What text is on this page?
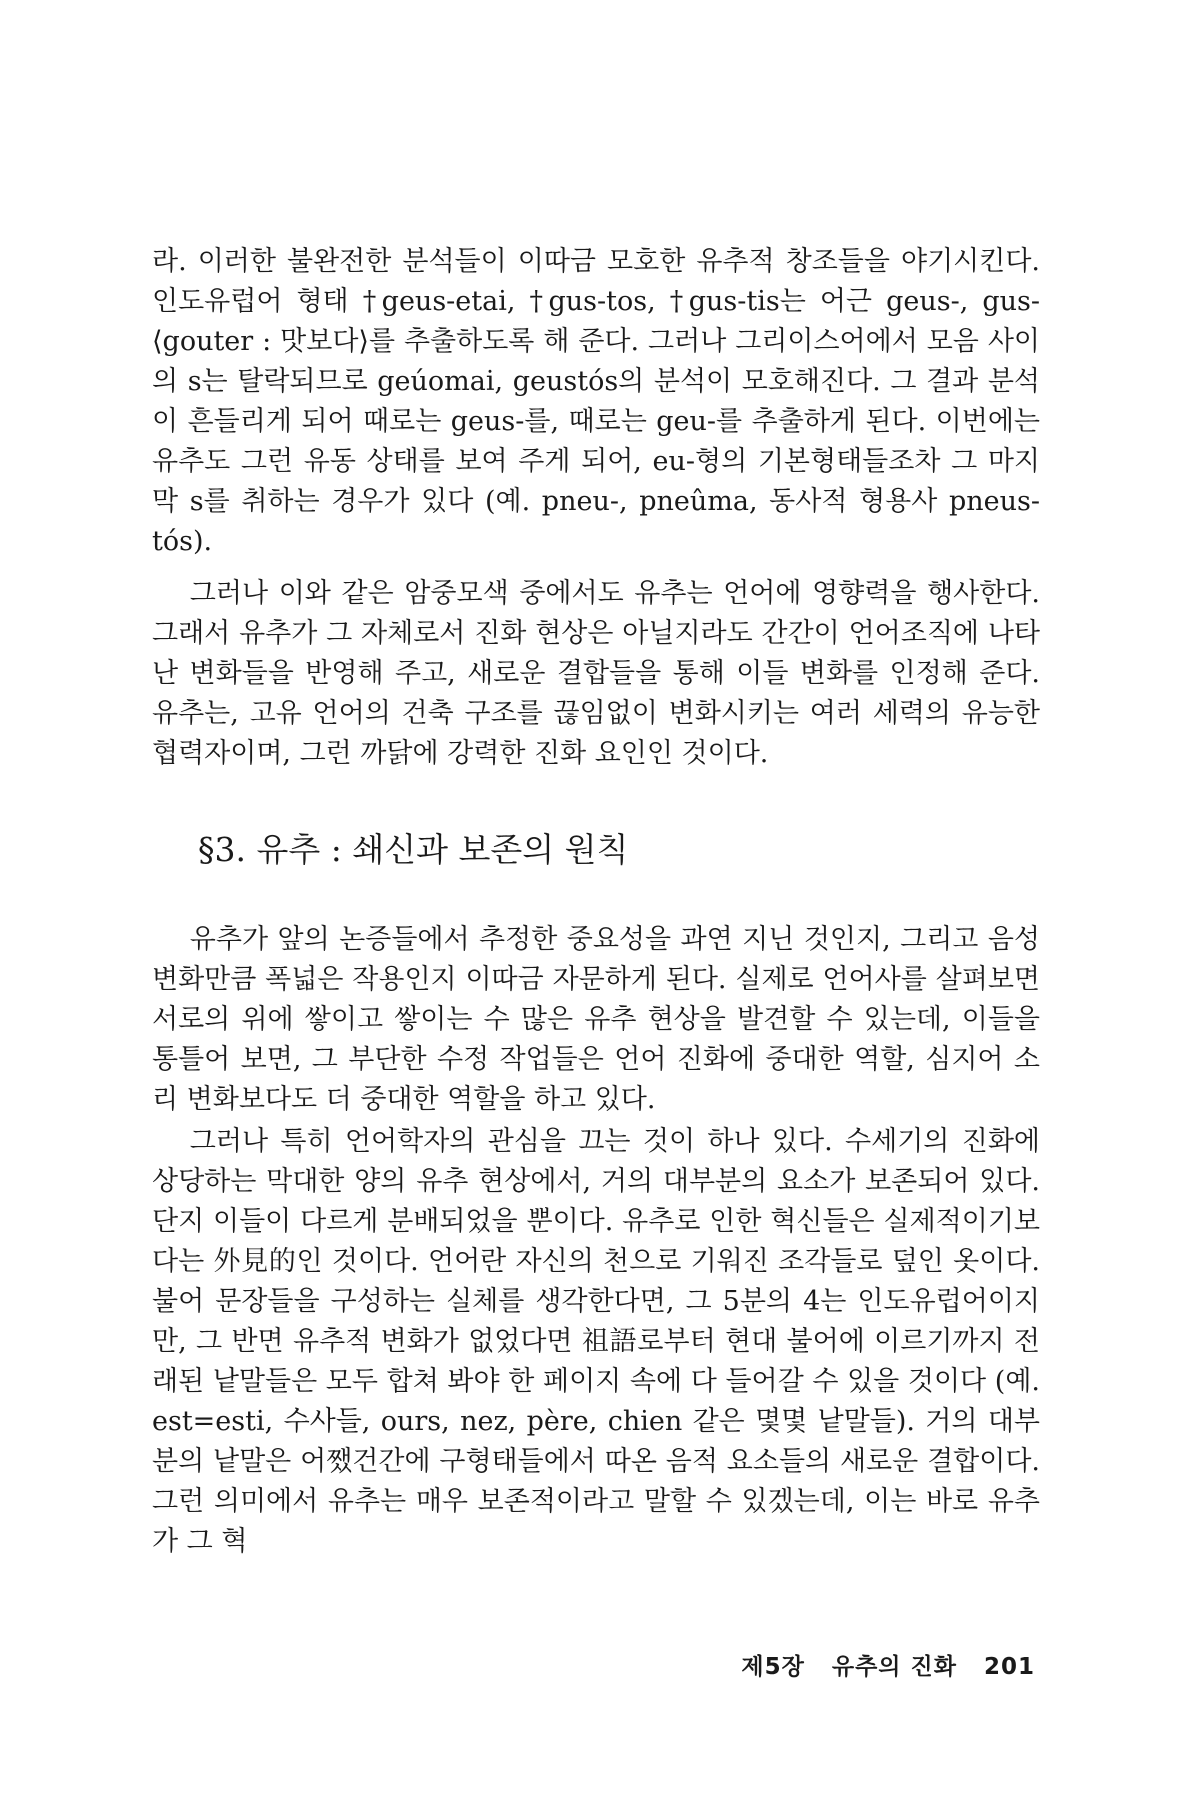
라. 이러한 불완전한 분석들이 이따금 모호한 유추적 창조들을 야기시킨다. 인도유럽어 형태 †geus-etai, †gus-tos, †gus-tis는 어근 geus-, gus- ⟨gouter : 맛보다⟩를 추출하도록 해 준다. 그러나 그리이스어에서 모음 사이의 s는 탈락되므로 geúomai, geustós의 분석이 모호해진다. 그 결과 분석이 흔들리게 되어 때로는 geus-를, 때로는 geu-를 추출하게 된다. 이번에는 유추도 그런 유동 상태를 보여 주게 되어, eu-형의 기본형태들조차 그 마지막 s를 취하는 경우가 있다 (예. pneu-, pneûma, 동사적 형용사 pneus-tós).

그러나 이와 같은 암중모색 중에서도 유추는 언어에 영향력을 행사한다. 그래서 유추가 그 자체로서 진화 현상은 아닐지라도 간간이 언어조직에 나타난 변화들을 반영해 주고, 새로운 결합들을 통해 이들 변화를 인정해 준다. 유추는, 고유 언어의 건축 구조를 끊임없이 변화시키는 여러 세력의 유능한 협력자이며, 그런 까닭에 강력한 진화 요인인 것이다.

§3. 유추 : 쇄신과 보존의 원칙

유추가 앞의 논증들에서 추정한 중요성을 과연 지닌 것인지, 그리고 음성 변화만큼 폭넓은 작용인지 이따금 자문하게 된다. 실제로 언어사를 살펴보면 서로의 위에 쌓이고 쌓이는 수 많은 유추 현상을 발견할 수 있는데, 이들을 통틀어 보면, 그 부단한 수정 작업들은 언어 진화에 중대한 역할, 심지어 소리 변화보다도 더 중대한 역할을 하고 있다.

그러나 특히 언어학자의 관심을 끄는 것이 하나 있다. 수세기의 진화에 상당하는 막대한 양의 유추 현상에서, 거의 대부분의 요소가 보존되어 있다. 단지 이들이 다르게 분배되었을 뿐이다. 유추로 인한 혁신들은 실제적이기보다는 外見的인 것이다. 언어란 자신의 천으로 기워진 조각들로 덮인 옷이다. 불어 문장들을 구성하는 실체를 생각한다면, 그 5분의 4는 인도유럽어이지만, 그 반면 유추적 변화가 없었다면 祖語로부터 현대 불어에 이르기까지 전래된 낱말들은 모두 합쳐 봐야 한 페이지 속에 다 들어갈 수 있을 것이다 (예. est=esti, 수사들, ours, nez, père, chien 같은 몇몇 낱말들). 거의 대부분의 낱말은 어쨌건간에 구형태들에서 따온 음적 요소들의 새로운 결합이다. 그런 의미에서 유추는 매우 보존적이라고 말할 수 있겠는데, 이는 바로 유추가 그 혁

제5장 유추의 진화 201
